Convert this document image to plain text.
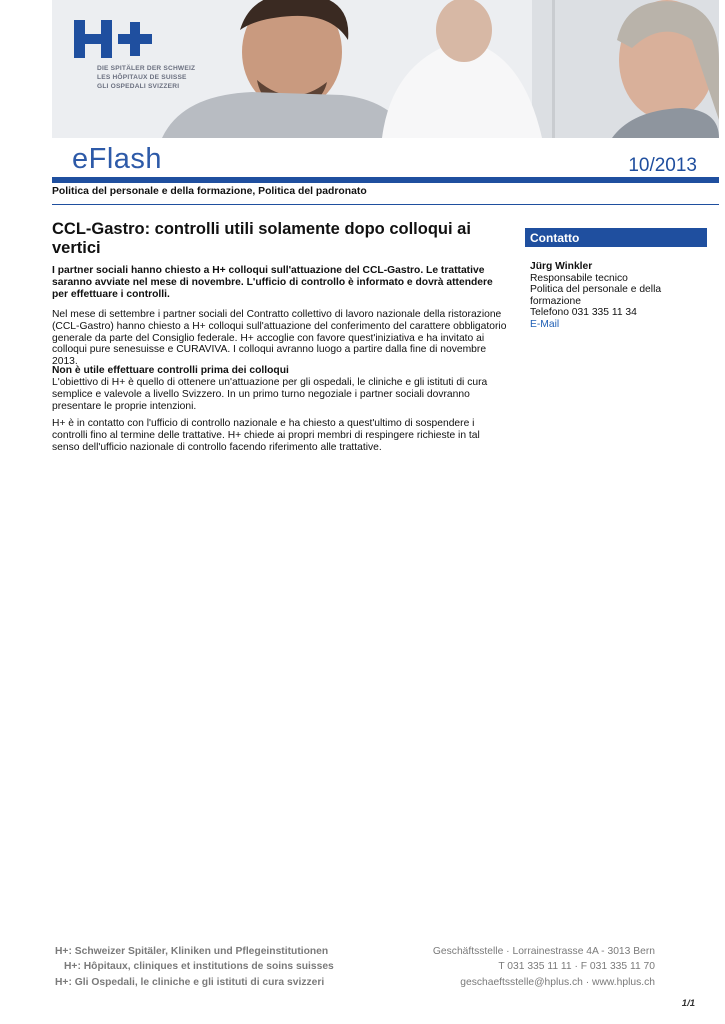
DIE SPITÄLER DER SCHWEIZ
LES HÔPITAUX DE SUISSE
GLI OSPEDALI SVIZZERI
eFlash	10/2013
Politica del personale e della formazione, Politica del padronato
CCL-Gastro: controlli utili solamente dopo colloqui ai vertici
I partner sociali hanno chiesto a H+ colloqui sull'attuazione del CCL-Gastro. Le trattative saranno avviate nel mese di novembre. L'ufficio di controllo è informato e dovrà attendere per effettuare i controlli.
Nel mese di settembre i partner sociali del Contratto collettivo di lavoro nazionale della ristorazione (CCL-Gastro) hanno chiesto a H+ colloqui sull'attuazione del conferimento del carattere obbligatorio generale da parte del Consiglio federale. H+ accoglie con favore quest'iniziativa e ha invitato ai colloqui pure senesuisse e CURAVIVA. I colloqui avranno luogo a partire dalla fine di novembre 2013.
Non è utile effettuare controlli prima dei colloqui
L'obiettivo di H+ è quello di ottenere un'attuazione per gli ospedali, le cliniche e gli istituti di cura semplice e valevole a livello Svizzero. In un primo turno negoziale i partner sociali dovranno presentare le proprie intenzioni.
H+ è in contatto con l'ufficio di controllo nazionale e ha chiesto a quest'ultimo di sospendere i controlli fino al termine delle trattative. H+ chiede ai propri membri di respingere richieste in tal senso dell'ufficio nazionale di controllo facendo riferimento alle trattative.
Contatto
Jürg Winkler
Responsabile tecnico
Politica del personale e della formazione
Telefono 031 335 11 34
E-Mail
H+: Schweizer Spitäler, Kliniken und Pflegeinstitutionen
H+: Hôpitaux, cliniques et institutions de soins suisses
H+: Gli Ospedali, le cliniche e gli istituti di cura svizzeri
Geschäftsstelle · Lorrainestrasse 4A - 3013 Bern
T 031 335 11 11 · F 031 335 11 70
geschaeftsstelle@hplus.ch · www.hplus.ch
1/1
